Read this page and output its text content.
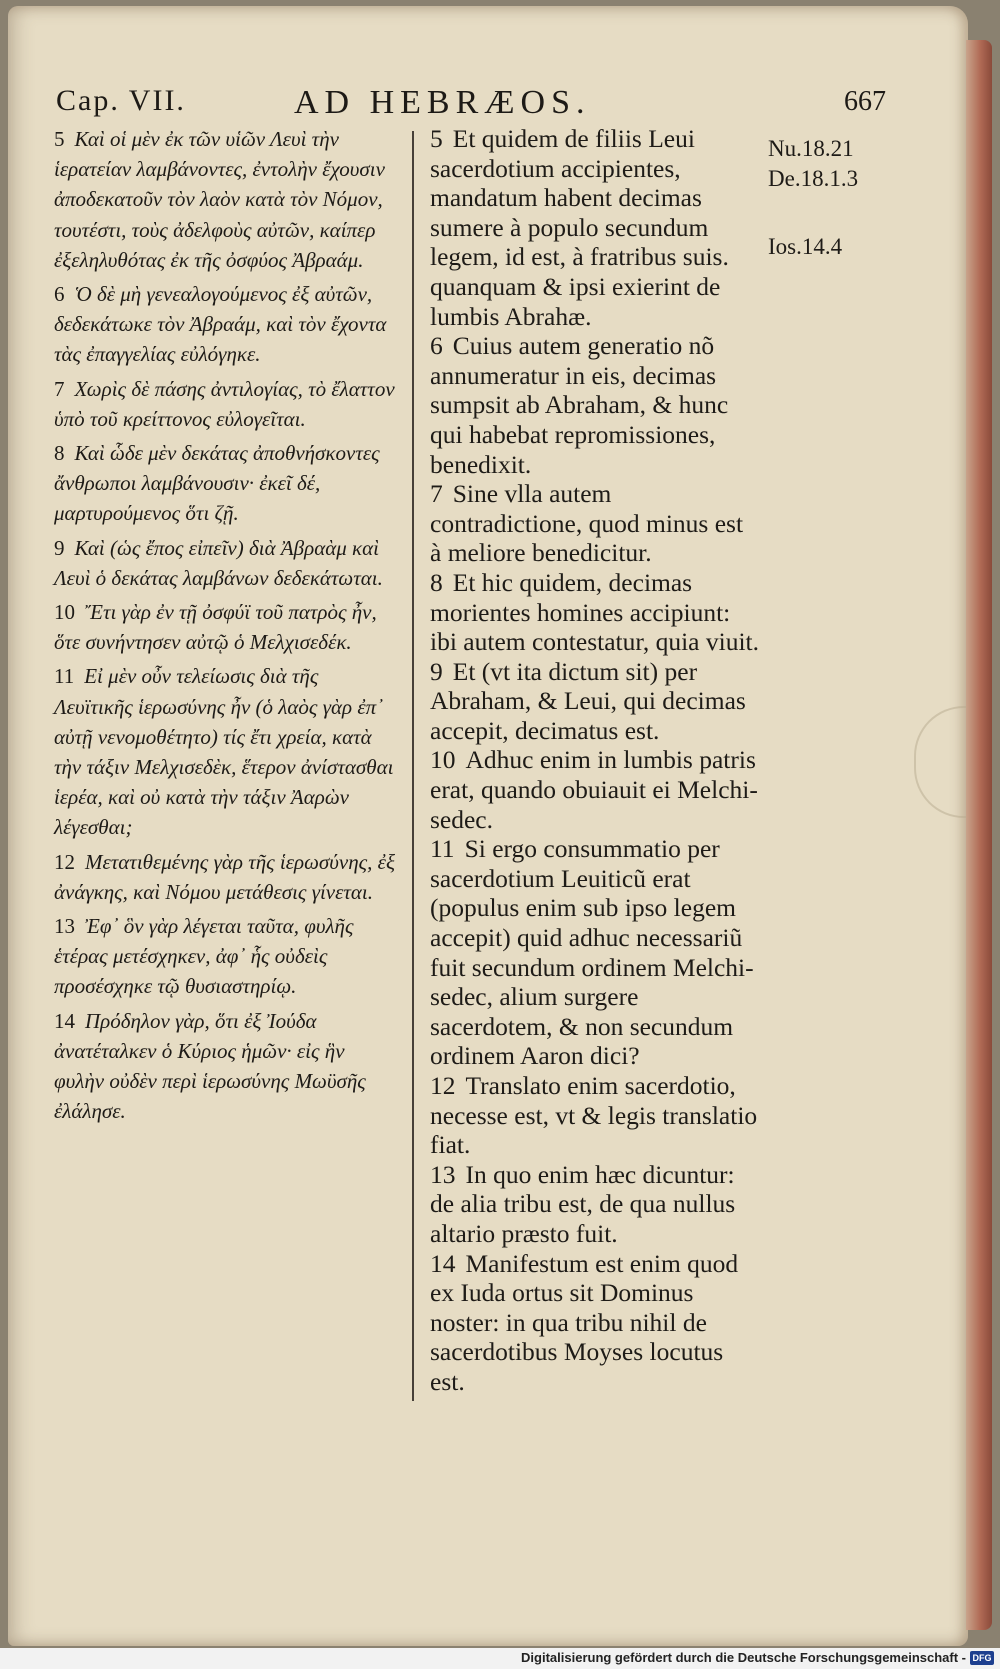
Cap. VII.	AD HEBRÆOS.	667
5 Καὶ οἱ μὲν ἐκ τῶν υἱῶν Λευὶ τὴν ἱερατείαν λαμβάνοντες, ἐντολὴν ἔχουσιν ἀποδεκατοῦν τὸν λαὸν κατὰ τὸν Νόμον, τουτέστι, τοὺς ἀδελφοὺς αὐτῶν, καίπερ ἐξεληλυθότας ἐκ τῆς ὀσφύος Ἀβραάμ.
6 Ὁ δὲ μὴ γενεαλογούμενος ἐξ αὐτῶν, δεδεκάτωκε τὸν Ἀβραάμ, καὶ τὸν ἔχοντα τὰς ἐπαγγελίας εὐλόγηκε.
7 Χωρὶς δὲ πάσης ἀντιλογίας, τὸ ἔλαττον ὑπὸ τοῦ κρείττονος εὐλογεῖται.
8 Καὶ ὧδε μὲν δεκάτας ἀποθνήσκοντες ἄνθρωποι λαμβάνουσιν· ἐκεῖ δέ, μαρτυρούμενος ὅτι ζῇ.
9 Καὶ (ὡς ἔπος εἰπεῖν) διὰ Ἀβραὰμ καὶ Λευὶ ὁ δεκάτας λαμβάνων δεδεκάτωται.
10 Ἔτι γὰρ ἐν τῇ ὀσφύϊ τοῦ πατρὸς ἦν, ὅτε συνήντησεν αὐτῷ ὁ Μελχισεδέκ.
11 Εἰ μὲν οὖν τελείωσις διὰ τῆς Λευϊτικῆς ἱερωσύνης ἦν (ὁ λαὸς γὰρ ἐπ᾽ αὐτῇ νενομοθέτητο) τίς ἔτι χρεία, κατὰ τὴν τάξιν Μελχισεδὲκ, ἕτερον ἀνίστασθαι ἱερέα, καὶ οὐ κατὰ τὴν τάξιν Ἀαρὼν λέγεσθαι;
12 Μετατιθεμένης γὰρ τῆς ἱερωσύνης, ἐξ ἀνάγκης, καὶ Νόμου μετάθεσις γίνεται.
13 Ἐφ᾽ ὃν γὰρ λέγεται ταῦτα, φυλῆς ἑτέρας μετέσχηκεν, ἀφ᾽ ἧς οὐδεὶς προσέσχηκε τῷ θυσιαστηρίῳ.
14 Πρόδηλον γὰρ, ὅτι ἐξ Ἰούδα ἀνατέταλκεν ὁ Κύριος ἡμῶν· εἰς ἣν φυλὴν οὐδὲν περὶ ἱερωσύνης Μωϋσῆς ἐλάλησε.
5 Et quidem de filiis Leui sacerdotium accipientes, mandatum habent decimas sumere à populo secundum legem, id est, à fratribus suis. quanquam & ipsi exierint de lumbis Abrahæ.
6 Cuius autem generatio nõ annumeratur in eis, decimas sumpsit ab Abraham, & hunc qui habebat repromissiones, benedixit.
7 Sine vlla autem contradictione, quod minus est à meliore benedicitur.
8 Et hic quidem, decimas morientes homines accipiunt: ibi autem contestatur, quia viuit.
9 Et (vt ita dictum sit) per Abraham, & Leui, qui decimas accepit, decimatus est.
10 Adhuc enim in lumbis patris erat, quando obuiauit ei Melchi-sedec.
11 Si ergo consummatio per sacerdotium Leuiticũ erat (populus enim sub ipso legem accepit) quid adhuc necessariũ fuit secundum ordinem Melchi-sedec, alium surgere sacerdotem, & non secundum ordinem Aaron dici?
12 Translato enim sacerdotio, necesse est, vt & legis translatio fiat.
13 In quo enim hæc dicuntur: de alia tribu est, de qua nullus altario præsto fuit.
14 Manifestum est enim quod ex Iuda ortus sit Dominus noster: in qua tribu nihil de sacerdotibus Moyses locutus est.
Nu.18.21
De.18.1.3
Ios.14.4
Digitalisierung gefördert durch die Deutsche Forschungsgemeinschaft - DFG
